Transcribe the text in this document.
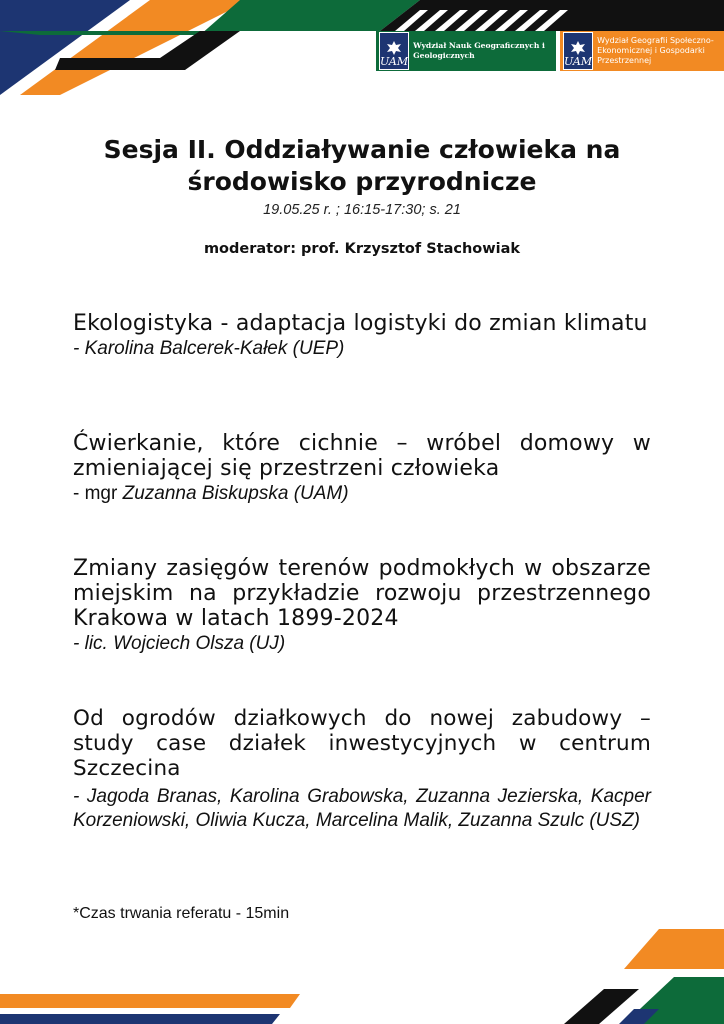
UAM
Wydział Nauk Geograficznych i Geologicznych	UAM
Wydział Geografii Społeczno-Ekonomicznej i Gospodarki Przestrzennej
Sesja II. Oddziaływanie człowieka na środowisko przyrodnicze
19.05.25 r. ; 16:15-17:30; s. 21
moderator: prof. Krzysztof Stachowiak

Ekologistyka - adaptacja logistyki do zmian klimatu

- Karolina Balcerek-Kałek (UEP)

Ćwierkanie, które cichnie – wróbel domowy w zmieniającej się przestrzeni człowieka

- mgr Zuzanna Biskupska (UAM)

Zmiany zasięgów terenów podmokłych w obszarze miejskim na przykładzie rozwoju przestrzennego Krakowa w latach 1899-2024

- lic. Wojciech Olsza (UJ)

Od ogrodów działkowych do nowej zabudowy – study case działek inwestycyjnych w centrum Szczecina

- Jagoda Branas, Karolina Grabowska, Zuzanna Jezierska, Kacper Korzeniowski, Oliwia Kucza, Marcelina Malik, Zuzanna Szulc (USZ)

*Czas trwania referatu - 15min
